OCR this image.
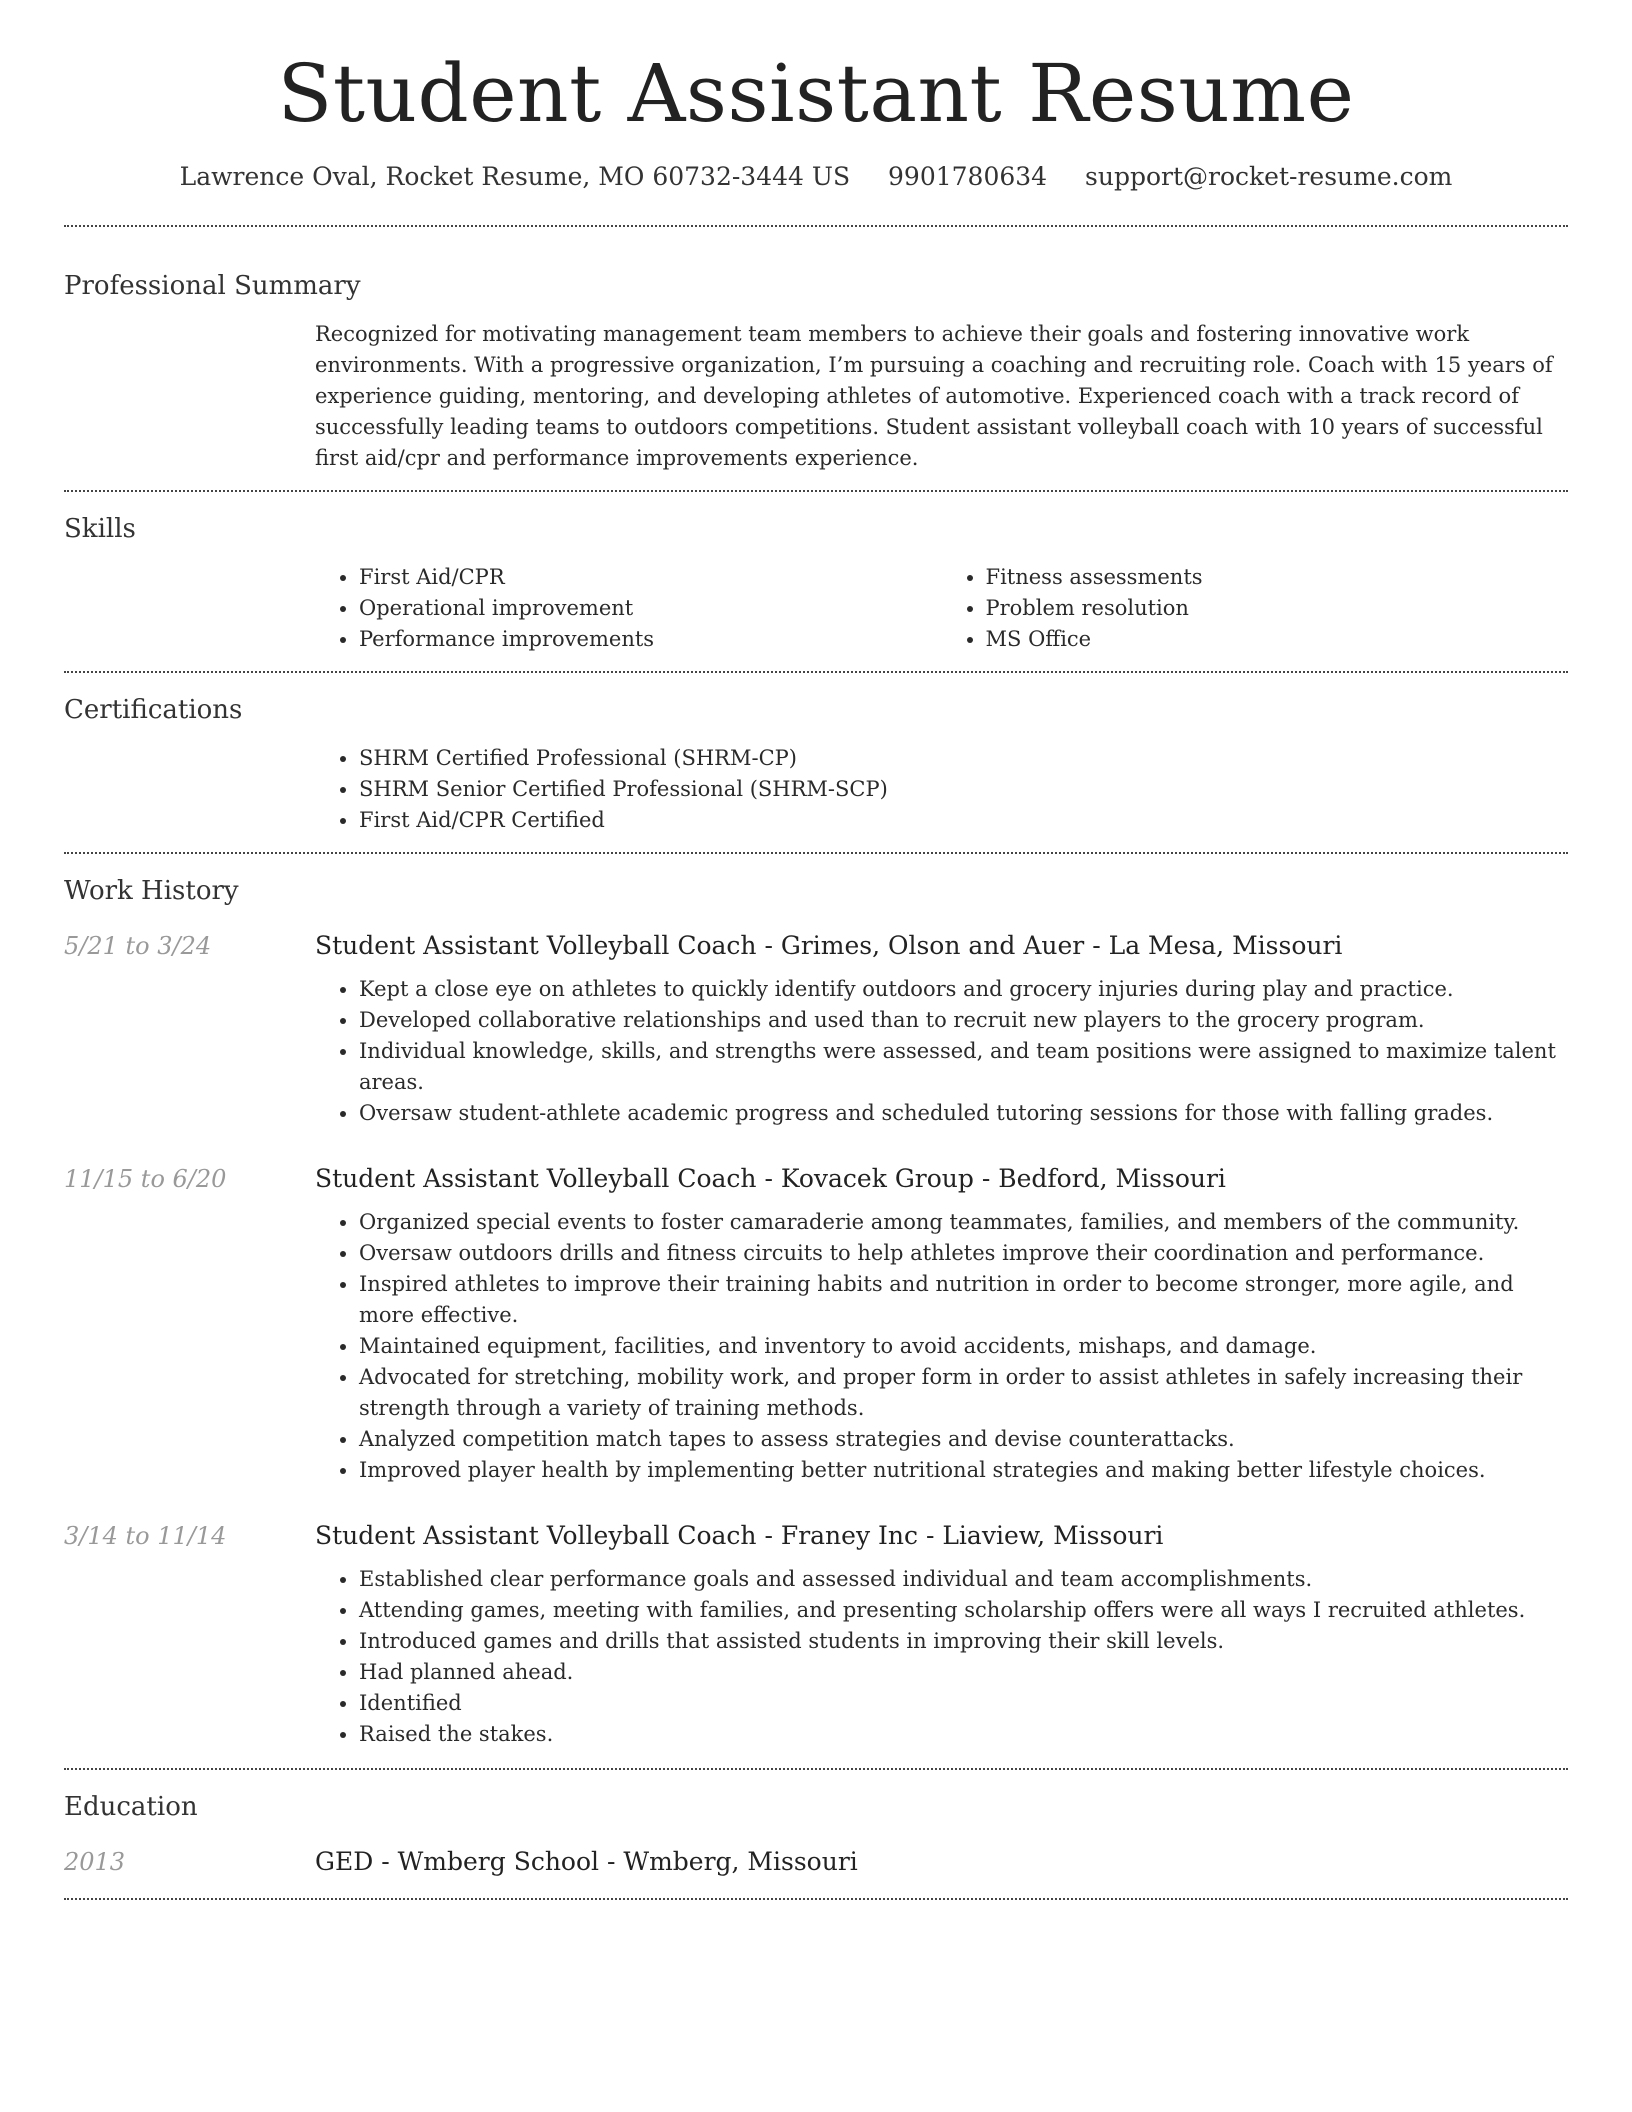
Student Assistant Resume
Lawrence Oval, Rocket Resume, MO 60732-3444 US 9901780634 support@rocket-resume.com
Professional Summary

Recognized for motivating management team members to achieve their goals and fostering innovative work environments. With a progressive organization, I’m pursuing a coaching and recruiting role. Coach with 15 years of experience guiding, mentoring, and developing athletes of automotive. Experienced coach with a track record of successfully leading teams to outdoors competitions. Student assistant volleyball coach with 10 years of successful first aid/cpr and performance improvements experience.

Skills
• First Aid/CPR
• Operational improvement
• Performance improvements
• Fitness assessments
• Problem resolution
• MS Office
Certifications
• SHRM Certified Professional (SHRM-CP)
• SHRM Senior Certified Professional (SHRM-SCP)
• First Aid/CPR Certified
Work History
5/21 to 3/24	Student Assistant Volleyball Coach - Grimes, Olson and Auer - La Mesa, Missouri
• Kept a close eye on athletes to quickly identify outdoors and grocery injuries during play and practice.
• Developed collaborative relationships and used than to recruit new players to the grocery program.
• Individual knowledge, skills, and strengths were assessed, and team positions were assigned to maximize talent areas.
• Oversaw student-athlete academic progress and scheduled tutoring sessions for those with falling grades.
11/15 to 6/20	Student Assistant Volleyball Coach - Kovacek Group - Bedford, Missouri
• Organized special events to foster camaraderie among teammates, families, and members of the community.
• Oversaw outdoors drills and fitness circuits to help athletes improve their coordination and performance.
• Inspired athletes to improve their training habits and nutrition in order to become stronger, more agile, and more effective.
• Maintained equipment, facilities, and inventory to avoid accidents, mishaps, and damage.
• Advocated for stretching, mobility work, and proper form in order to assist athletes in safely increasing their strength through a variety of training methods.
• Analyzed competition match tapes to assess strategies and devise counterattacks.
• Improved player health by implementing better nutritional strategies and making better lifestyle choices.
3/14 to 11/14	Student Assistant Volleyball Coach - Franey Inc - Liaview, Missouri
• Established clear performance goals and assessed individual and team accomplishments.
• Attending games, meeting with families, and presenting scholarship offers were all ways I recruited athletes.
• Introduced games and drills that assisted students in improving their skill levels.
• Had planned ahead.
• Identified
• Raised the stakes.
Education
2013	GED - Wmberg School - Wmberg, Missouri
